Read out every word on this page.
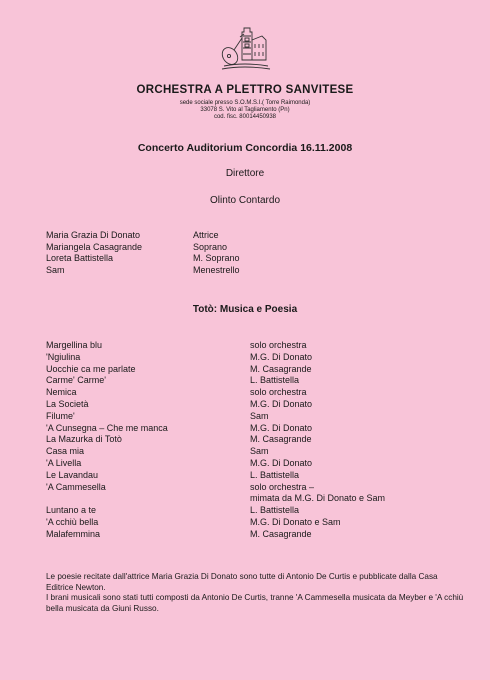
ORCHESTRA A PLETTRO SANVITESE
sede sociale presso S.O.M.S.I.( Torre Raimonda)
33078 S. Vito al Tagliamento (Pn)
cod. fisc. 80014450938
Concerto Auditorium Concordia 16.11.2008
Direttore
Olinto Contardo
Maria Grazia Di Donato
Mariangela Casagrande
Loreta Battistella
Sam
Attrice
Soprano
M. Soprano
Menestrello
Totò: Musica e Poesia
Margellina blu
'Ngiulina
Uocchie ca me parlate
Carme' Carme'
Nemica
La Società
Filume'
'A Cunsegna – Che me manca
La Mazurka di Totò
Casa mia
'A Livella
Le Lavandau
'A Cammesella
Luntano a te
'A cchiù bella
Malafemmina
solo orchestra
M.G. Di Donato
M. Casagrande
L. Battistella
solo orchestra
M.G. Di Donato
Sam
M.G. Di Donato
M. Casagrande
Sam
M.G. Di Donato
L. Battistella
solo orchestra –
mimata da M.G. Di Donato e Sam
L. Battistella
M.G. Di Donato e Sam
M. Casagrande

Le poesie recitate dall'attrice Maria Grazia Di Donato sono tutte di Antonio De Curtis e pubblicate dalla Casa Editrice Newton.

I brani musicali sono stati tutti composti da Antonio De Curtis, tranne 'A Cammesella musicata da Meyber e 'A cchiù bella musicata da Giuni Russo.
